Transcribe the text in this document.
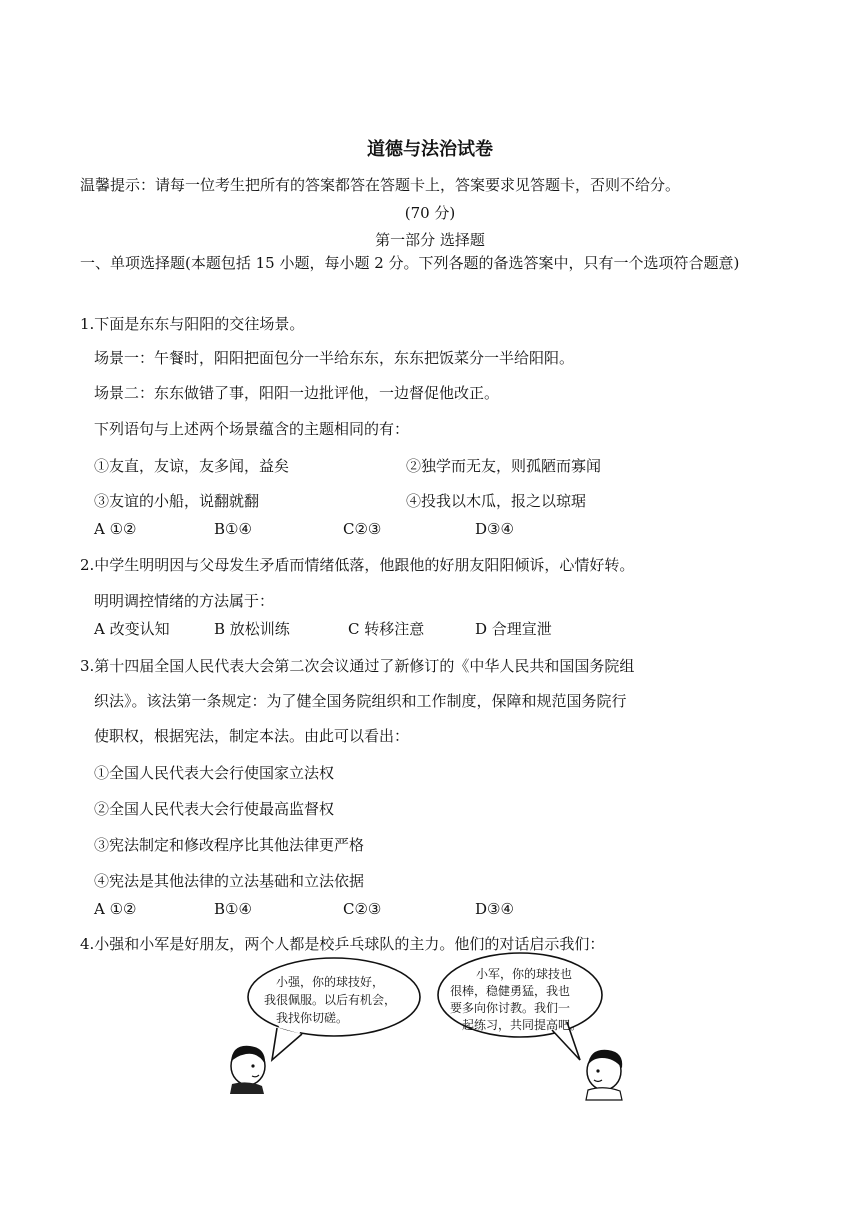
道德与法治试卷
温馨提示：请每一位考生把所有的答案都答在答题卡上，答案要求见答题卡，否则不给分。
(70 分)
第一部分 选择题
一、单项选择题(本题包括 15 小题，每小题 2 分。下列各题的备选答案中，只有一个选项符合题意)
1.下面是东东与阳阳的交往场景。
场景一：午餐时，阳阳把面包分一半给东东，东东把饭菜分一半给阳阳。
场景二：东东做错了事，阳阳一边批评他，一边督促他改正。
下列语句与上述两个场景蕴含的主题相同的有：
①友直，友谅，友多闻，益矣	②独学而无友，则孤陋而寡闻
③友谊的小船，说翻就翻	④投我以木瓜，报之以琼琚
A ①②	B①④	C②③	D③④
2.中学生明明因与父母发生矛盾而情绪低落，他跟他的好朋友阳阳倾诉，心情好转。
明明调控情绪的方法属于：
A 改变认知	B 放松训练	C 转移注意	D 合理宣泄
3.第十四届全国人民代表大会第二次会议通过了新修订的《中华人民共和国国务院组
织法》。该法第一条规定：为了健全国务院组织和工作制度，保障和规范国务院行
使职权，根据宪法，制定本法。由此可以看出：
①全国人民代表大会行使国家立法权
②全国人民代表大会行使最高监督权
③宪法制定和修改程序比其他法律更严格
④宪法是其他法律的立法基础和立法依据
A ①②	B①④	C②③	D③④
4.小强和小军是好朋友，两个人都是校乒乓球队的主力。他们的对话启示我们：
小强，你的球技好，
我很佩服。以后有机会，
我找你切磋。
小军，你的球技也
很棒，稳健勇猛，我也
要多向你讨教。我们一
起练习，共同提高吧。
